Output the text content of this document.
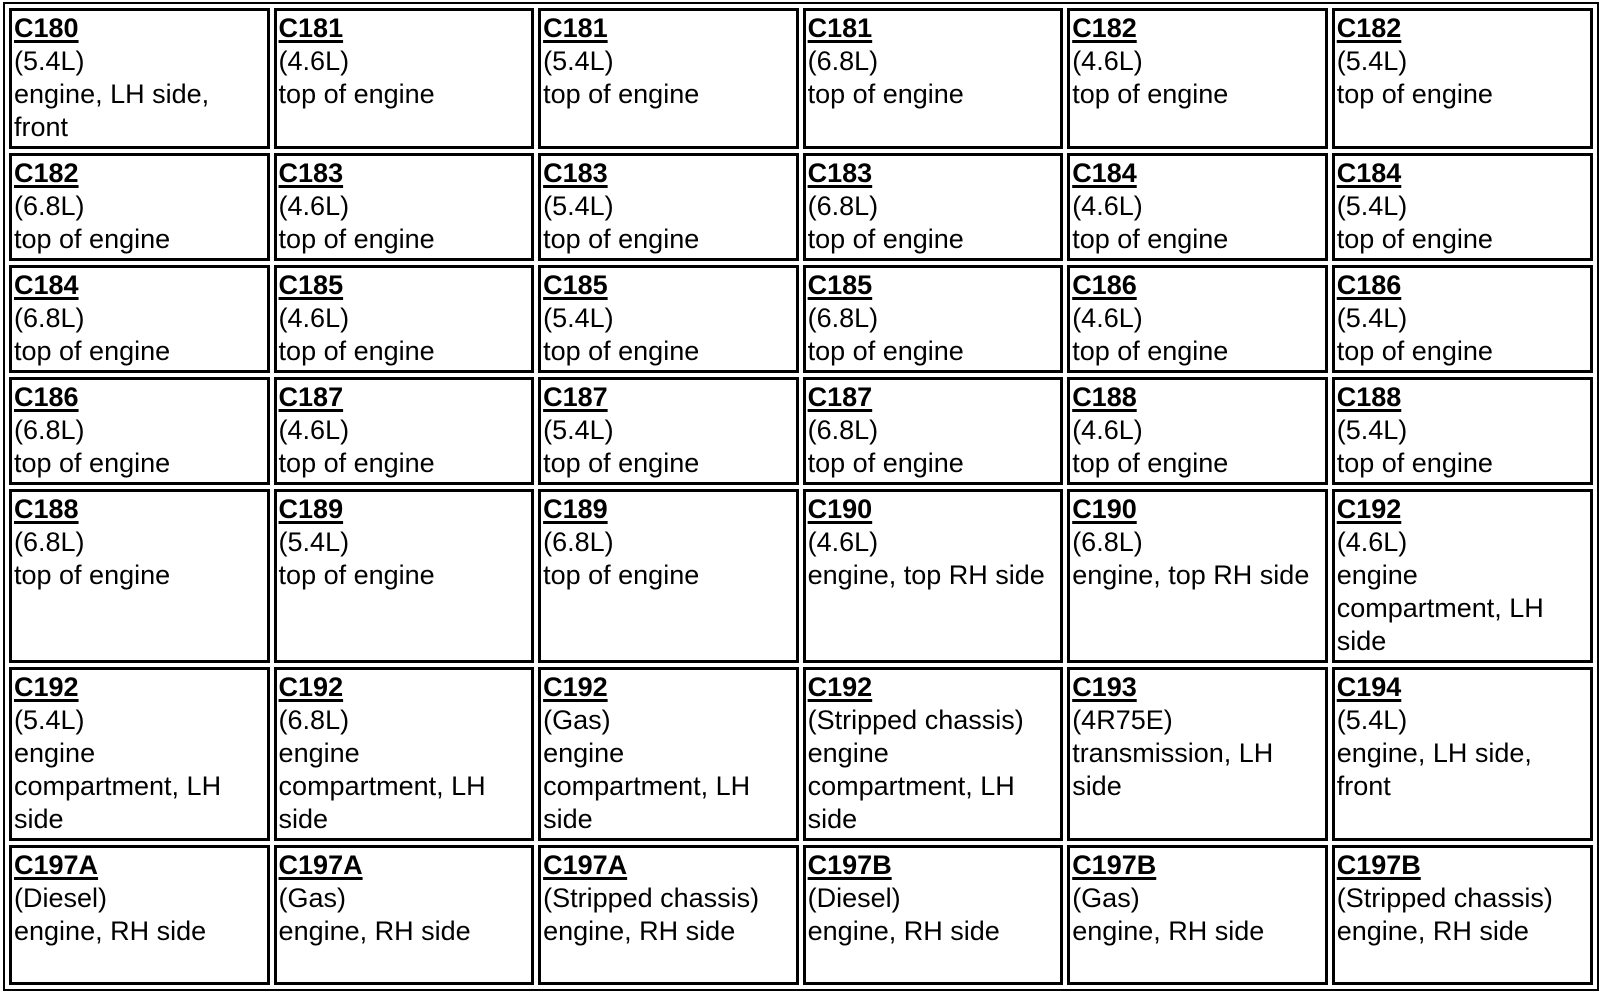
C180
(5.4L)
engine, LH side, front	C181
(4.6L)
top of engine	C181
(5.4L)
top of engine	C181
(6.8L)
top of engine	C182
(4.6L)
top of engine	C182
(5.4L)
top of engine

C182
(6.8L)
top of engine	C183
(4.6L)
top of engine	C183
(5.4L)
top of engine	C183
(6.8L)
top of engine	C184
(4.6L)
top of engine	C184
(5.4L)
top of engine

C184
(6.8L)
top of engine	C185
(4.6L)
top of engine	C185
(5.4L)
top of engine	C185
(6.8L)
top of engine	C186
(4.6L)
top of engine	C186
(5.4L)
top of engine

C186
(6.8L)
top of engine	C187
(4.6L)
top of engine	C187
(5.4L)
top of engine	C187
(6.8L)
top of engine	C188
(4.6L)
top of engine	C188
(5.4L)
top of engine

C188
(6.8L)
top of engine	C189
(5.4L)
top of engine	C189
(6.8L)
top of engine	C190
(4.6L)
engine, top RH side	C190
(6.8L)
engine, top RH side	C192
(4.6L)
engine compartment, LH side

C192
(5.4L)
engine compartment, LH side	C192
(6.8L)
engine compartment, LH side	C192
(Gas)
engine compartment, LH side	C192
(Stripped chassis)
engine compartment, LH side	C193
(4R75E)
transmission, LH side	C194
(5.4L)
engine, LH side, front

C197A
(Diesel)
engine, RH side	C197A
(Gas)
engine, RH side	C197A
(Stripped chassis)
engine, RH side	C197B
(Diesel)
engine, RH side	C197B
(Gas)
engine, RH side	C197B
(Stripped chassis)
engine, RH side
